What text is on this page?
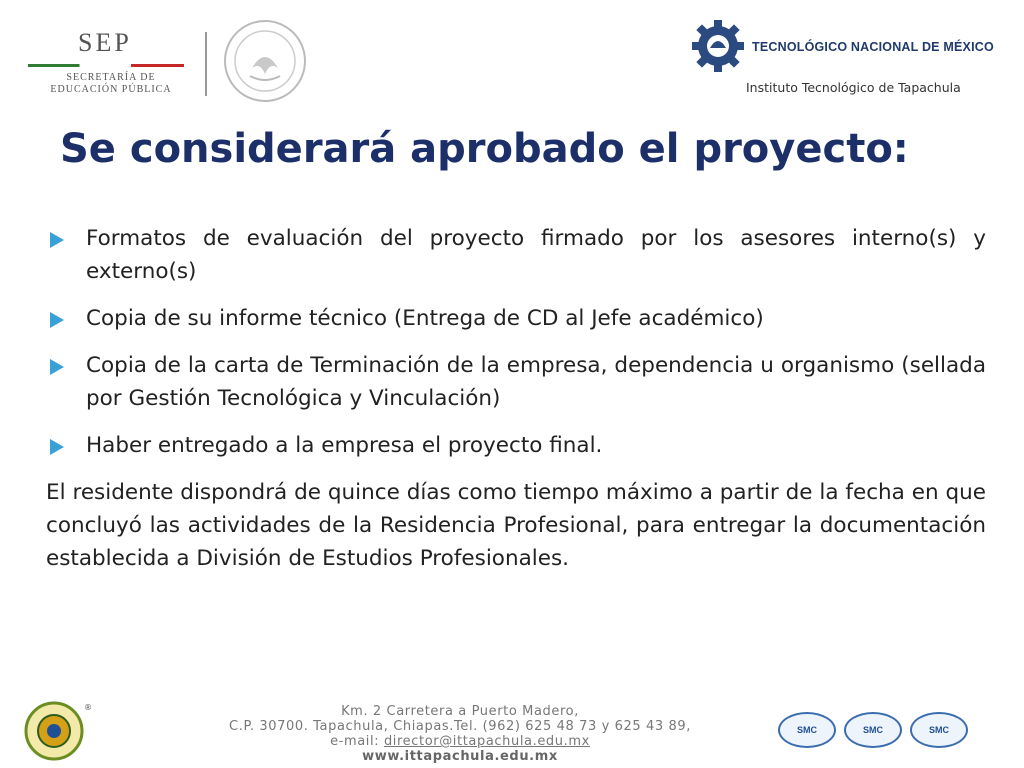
SEP
SECRETARÍA DE
EDUCACIÓN PÚBLICA
TECNOLÓGICO NACIONAL DE MÉXICO
Instituto Tecnológico de Tapachula
Se considerará aprobado el proyecto:
Formatos de evaluación del proyecto firmado por los asesores interno(s) y externo(s)
Copia de su informe técnico (Entrega de CD al Jefe académico)
Copia de la carta de Terminación de la empresa, dependencia u organismo (sellada por Gestión Tecnológica y Vinculación)
Haber entregado a la empresa el proyecto final.

El residente dispondrá de quince días como tiempo máximo a partir de la fecha en que concluyó las actividades de la Residencia Profesional, para entregar la documentación establecida a División de Estudios Profesionales.

®	Km. 2 Carretera a Puerto Madero,
C.P. 30700. Tapachula, Chiapas.Tel. (962) 625 48 73 y 625 43 89,
e-mail: director@ittapachula.edu.mx
www.ittapachula.edu.mx
SMC	SMC	SMC
